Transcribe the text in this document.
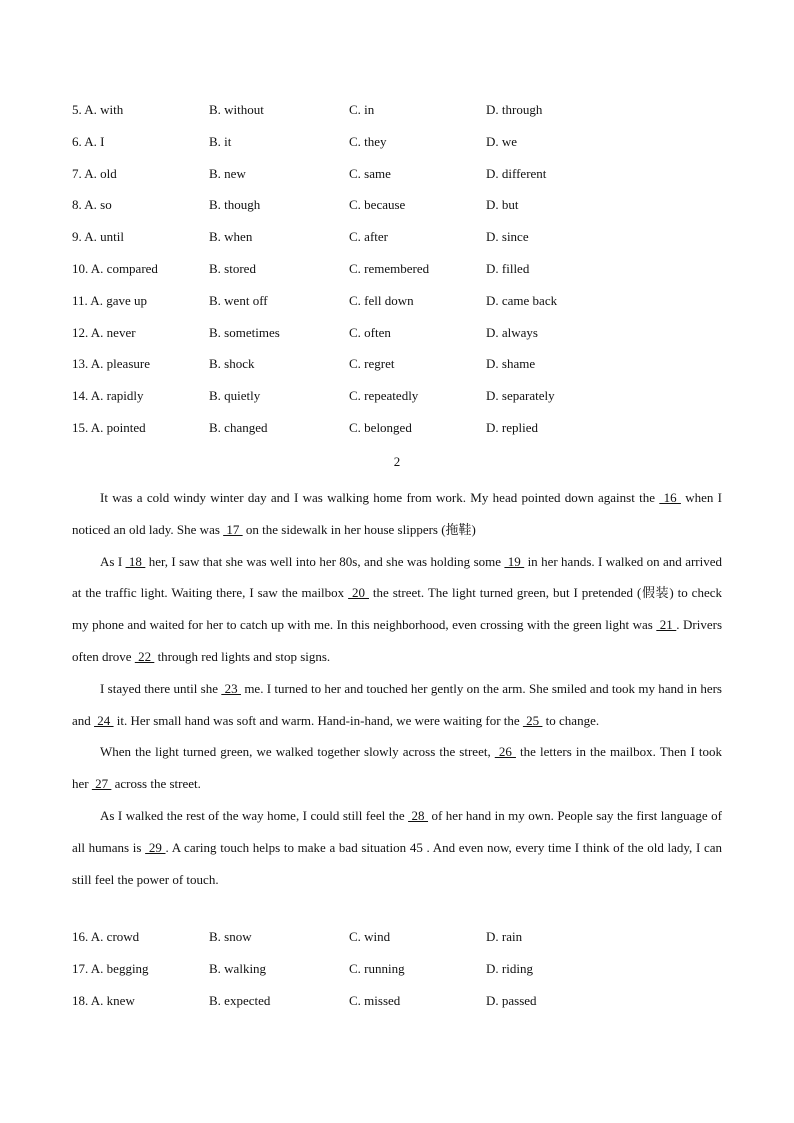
5. A. with	B. without	C. in	D. through
6. A. I	B. it	C. they	D. we
7. A. old	B. new	C. same	D. different
8. A. so	B. though	C. because	D. but
9. A. until	B. when	C. after	D. since
10. A. compared	B. stored	C. remembered	D. filled
11. A. gave up	B. went off	C. fell down	D. came back
12. A. never	B. sometimes	C. often	D. always
13. A. pleasure	B. shock	C. regret	D. shame
14. A. rapidly	B. quietly	C. repeatedly	D. separately
15. A. pointed	B. changed	C. belonged	D. replied
2
It was a cold windy winter day and I was walking home from work. My head pointed down against the  16  when I noticed an old lady. She was  17  on the sidewalk in her house slippers (拖鞋)
As I  18  her, I saw that she was well into her 80s, and she was holding some  19  in her hands. I walked on and arrived at the traffic light. Waiting there, I saw the mailbox  20  the street. The light turned green, but I pretended (假装) to check my phone and waited for her to catch up with me. In this neighborhood, even crossing with the green light was  21 . Drivers often drove  22  through red lights and stop signs.
I stayed there until she  23  me. I turned to her and touched her gently on the arm. She smiled and took my hand in hers and  24  it. Her small hand was soft and warm. Hand-in-hand, we were waiting for the  25  to change.
When the light turned green, we walked together slowly across the street,  26  the letters in the mailbox. Then I took her  27  across the street.
As I walked the rest of the way home, I could still feel the  28  of her hand in my own. People say the first language of all humans is  29 . A caring touch helps to make a bad situation 45 . And even now, every time I think of the old lady, I can still feel the power of touch.
16. A. crowd	B. snow	C. wind	D. rain
17. A. begging	B. walking	C. running	D. riding
18. A. knew	B. expected	C. missed	D. passed
